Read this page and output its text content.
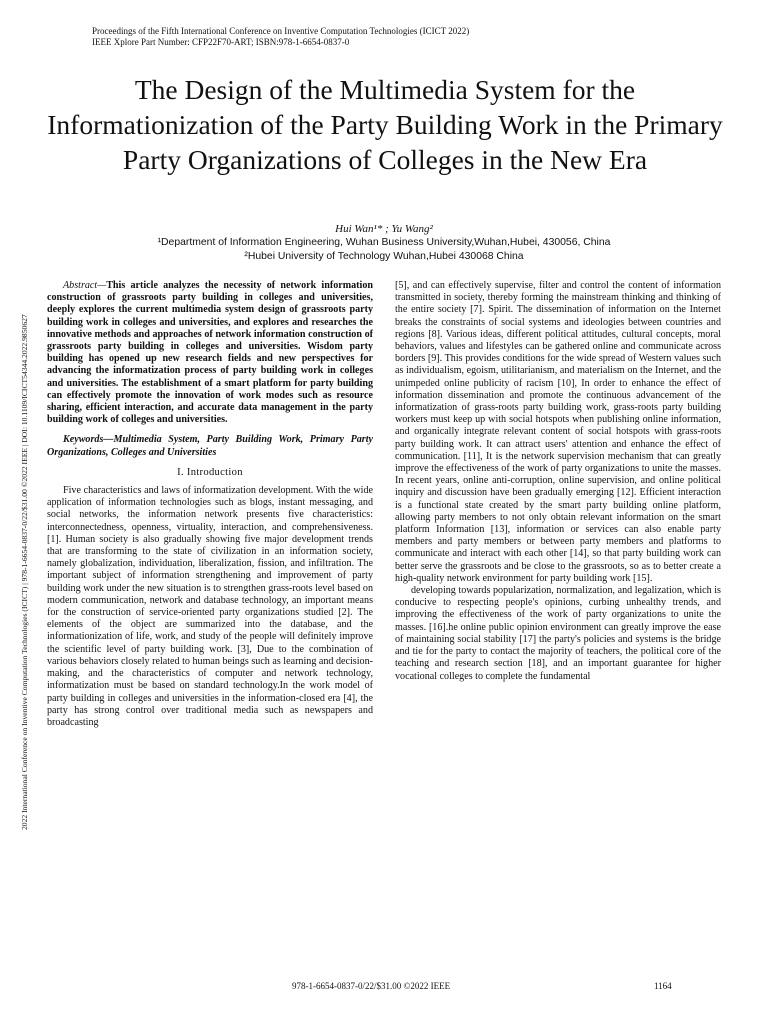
Proceedings of the Fifth International Conference on Inventive Computation Technologies (ICICT 2022)
IEEE Xplore Part Number: CFP22F70-ART; ISBN:978-1-6654-0837-0
2022 International Conference on Inventive Computation Technologies (ICICT) | 978-1-6654-0837-0/22/$31.00 ©2022 IEEE | DOI: 10.1109/ICICT54344.2022.9850627
The Design of the Multimedia System for the Informationization of the Party Building Work in the Primary Party Organizations of Colleges in the New Era
Hui Wan¹* ; Yu Wang²
¹Department of Information Engineering, Wuhan Business University,Wuhan,Hubei, 430056, China
²Hubei University of Technology Wuhan,Hubei 430068 China

Abstract—This article analyzes the necessity of network information construction of grassroots party building in colleges and universities, deeply explores the current multimedia system design of grassroots party building work in colleges and universities, and explores and researches the innovative methods and approaches of network information construction of grassroots party building in colleges and universities. Wisdom party building has opened up new research fields and new perspectives for advancing the informatization process of party building work in colleges and universities. The establishment of a smart platform for party building can effectively promote the innovation of work modes such as resource sharing, efficient interaction, and accurate data management in the party building work of colleges and universities.

Keywords—Multimedia System, Party Building Work, Primary Party Organizations, Colleges and Universities

I. Introduction

Five characteristics and laws of informatization development. With the wide application of information technologies such as blogs, instant messaging, and social networks, the information network presents five characteristics: interconnectedness, openness, virtuality, interaction, and comprehensiveness. [1]. Human society is also gradually showing five major development trends that are transforming to the state of civilization in an information society, namely globalization, individuation, liberalization, fission, and infiltration. The important subject of information strengthening and improvement of party building work under the new situation is to strengthen grass-roots level based on modern communication, network and database technology, an important means for the construction of service-oriented party organizations studied [2]. The elements of the object are summarized into the database, and the informationization of life, work, and study of the people will definitely improve the scientific level of party building work. [3], Due to the combination of various behaviors closely related to human beings such as learning and decision-making, and the characteristics of computer and network technology, informatization must be based on standard technology.In the work model of party building in colleges and universities in the information-closed era [4], the party has strong control over traditional media such as newspapers and broadcasting

[5], and can effectively supervise, filter and control the content of information transmitted in society, thereby forming the mainstream thinking and thinking of the entire society [7]. Spirit. The dissemination of information on the Internet breaks the constraints of social systems and ideologies between countries and regions [8]. Various ideas, different political attitudes, cultural concepts, moral behaviors, values and lifestyles can be gathered online and communicate across borders [9]. This provides conditions for the wide spread of Western values such as individualism, egoism, utilitarianism, and materialism on the Internet, and the unimpeded online publicity of racism [10], In order to enhance the effect of information dissemination and promote the continuous advancement of the informatization of grass-roots party building work, grass-roots party building workers must keep up with social hotspots when publishing online information, and organically integrate relevant content of social hotspots with grass-roots party building work. It can attract users' attention and enhance the effect of communication. [11], It is the network supervision mechanism that can greatly improve the effectiveness of the work of party organizations to unite the masses. In recent years, online anti-corruption, online supervision, and online political inquiry and discussion have been gradually emerging [12]. Efficient interaction is a functional state created by the smart party building online platform, allowing party members to not only obtain relevant information on the smart platform Information [13], information or services can also enable party members and party members or between party members and platforms to communicate and interact with each other [14], so that party building work can better serve the grassroots and be close to the grassroots, so as to better create a high-quality network environment for party building work [15].

developing towards popularization, normalization, and legalization, which is conducive to respecting people's opinions, curbing unhealthy trends, and improving the effectiveness of the work of party organizations to unite the masses. [16].he online public opinion environment can greatly improve the ease of maintaining social stability [17] the party's policies and systems is the bridge and tie for the party to contact the majority of teachers, the political core of the teaching and research section [18], and an important guarantee for higher vocational colleges to complete the fundamental

978-1-6654-0837-0/22/$31.00 ©2022 IEEE	1164
